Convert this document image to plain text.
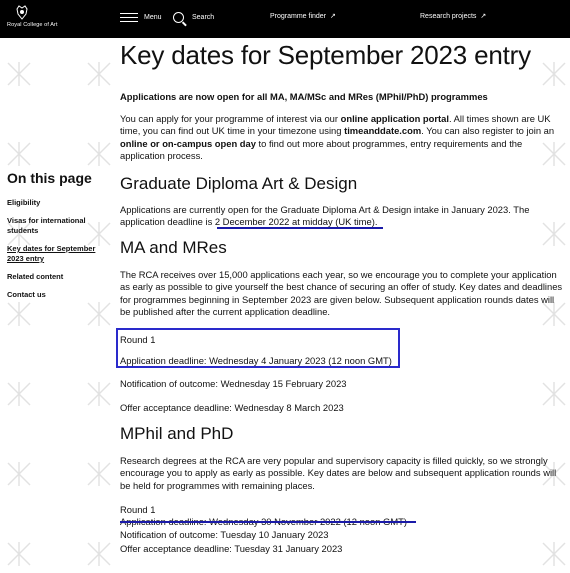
Royal College of Art
Menu	Search	Programme finder ↗	Research projects ↗
Key dates for September 2023 entry

Applications are now open for all MA, MA/MSc and MRes (MPhil/PhD) programmes

You can apply for your programme of interest via our online application portal. All times shown are UK time, you can find out UK time in your timezone using timeanddate.com. You can also register to join an online or on-campus open day to find out more about programmes, entry requirements and the application process.

On this page
Eligibility
Visas for international students
Key dates for September 2023 entry
Related content
Contact us
Graduate Diploma Art & Design

Applications are currently open for the Graduate Diploma Art & Design intake in January 2023. The application deadline is 2 December 2022 at midday (UK time).

MA and MRes

The RCA receives over 15,000 applications each year, so we encourage you to complete your application as early as possible to give yourself the best chance of securing an offer of study. Key dates and deadlines for programmes beginning in September 2023 are given below. Subsequent application rounds dates will be published after the current application deadline.

Round 1

Application deadline: Wednesday 4 January 2023 (12 noon GMT)

Notification of outcome: Wednesday 15 February 2023

Offer acceptance deadline: Wednesday 8 March 2023

MPhil and PhD

Research degrees at the RCA are very popular and supervisory capacity is filled quickly, so we strongly encourage you to apply as early as possible. Key dates are below and subsequent application rounds will be held for programmes with remaining places.

Round 1

Notification of outcome: Tuesday 10 January 2023

Offer acceptance deadline: Tuesday 31 January 2023
